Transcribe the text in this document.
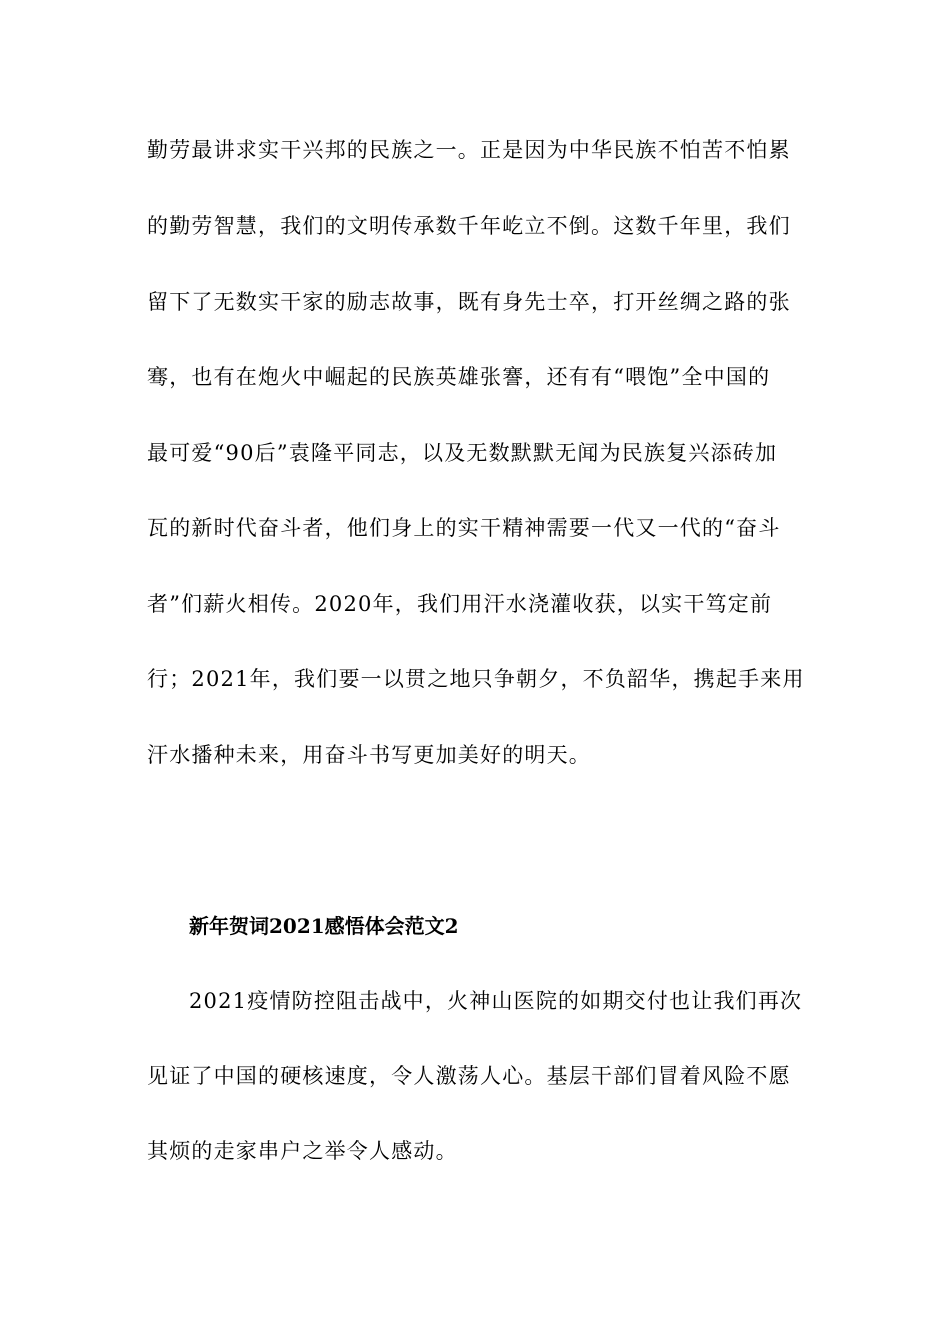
勤劳最讲求实干兴邦的民族之一。正是因为中华民族不怕苦不怕累
的勤劳智慧，我们的文明传承数千年屹立不倒。这数千年里，我们
留下了无数实干家的励志故事，既有身先士卒，打开丝绸之路的张
骞，也有在炮火中崛起的民族英雄张謇，还有有“喂饱”全中国的
最可爱“90后”袁隆平同志，以及无数默默无闻为民族复兴添砖加
瓦的新时代奋斗者，他们身上的实干精神需要一代又一代的“奋斗
者”们薪火相传。2020年，我们用汗水浇灌收获，以实干笃定前
行；2021年，我们要一以贯之地只争朝夕，不负韶华，携起手来用
汗水播种未来，用奋斗书写更加美好的明天。
新年贺词2021感悟体会范文2
2021疫情防控阻击战中，火神山医院的如期交付也让我们再次
见证了中国的硬核速度，令人激荡人心。基层干部们冒着风险不愿
其烦的走家串户之举令人感动。
